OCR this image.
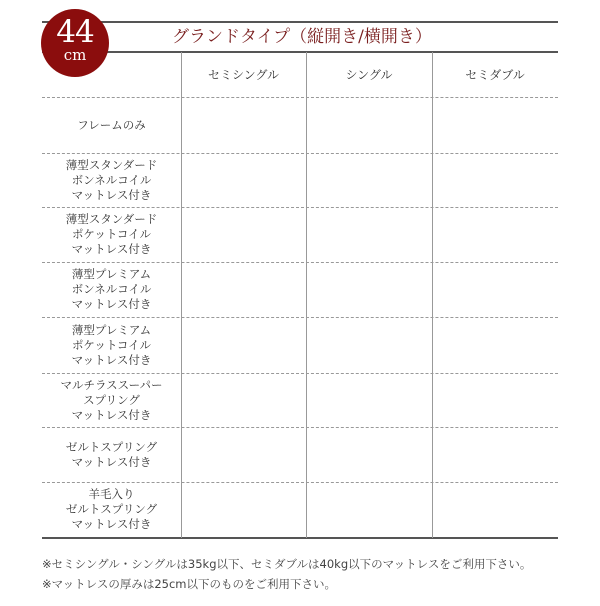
44
cm
グランドタイプ（縦開き/横開き）
セミシングル	シングル	セミダブル
フレームのみ
薄型スタンダード
ボンネルコイル
マットレス付き
薄型スタンダード
ポケットコイル
マットレス付き
薄型プレミアム
ボンネルコイル
マットレス付き
薄型プレミアム
ポケットコイル
マットレス付き
マルチラススーパー
スプリング
マットレス付き
ゼルトスプリング
マットレス付き
羊毛入り
ゼルトスプリング
マットレス付き
※セミシングル・シングルは35kg以下、セミダブルは40kg以下のマットレスをご利用下さい。
※マットレスの厚みは25cm以下のものをご利用下さい。
